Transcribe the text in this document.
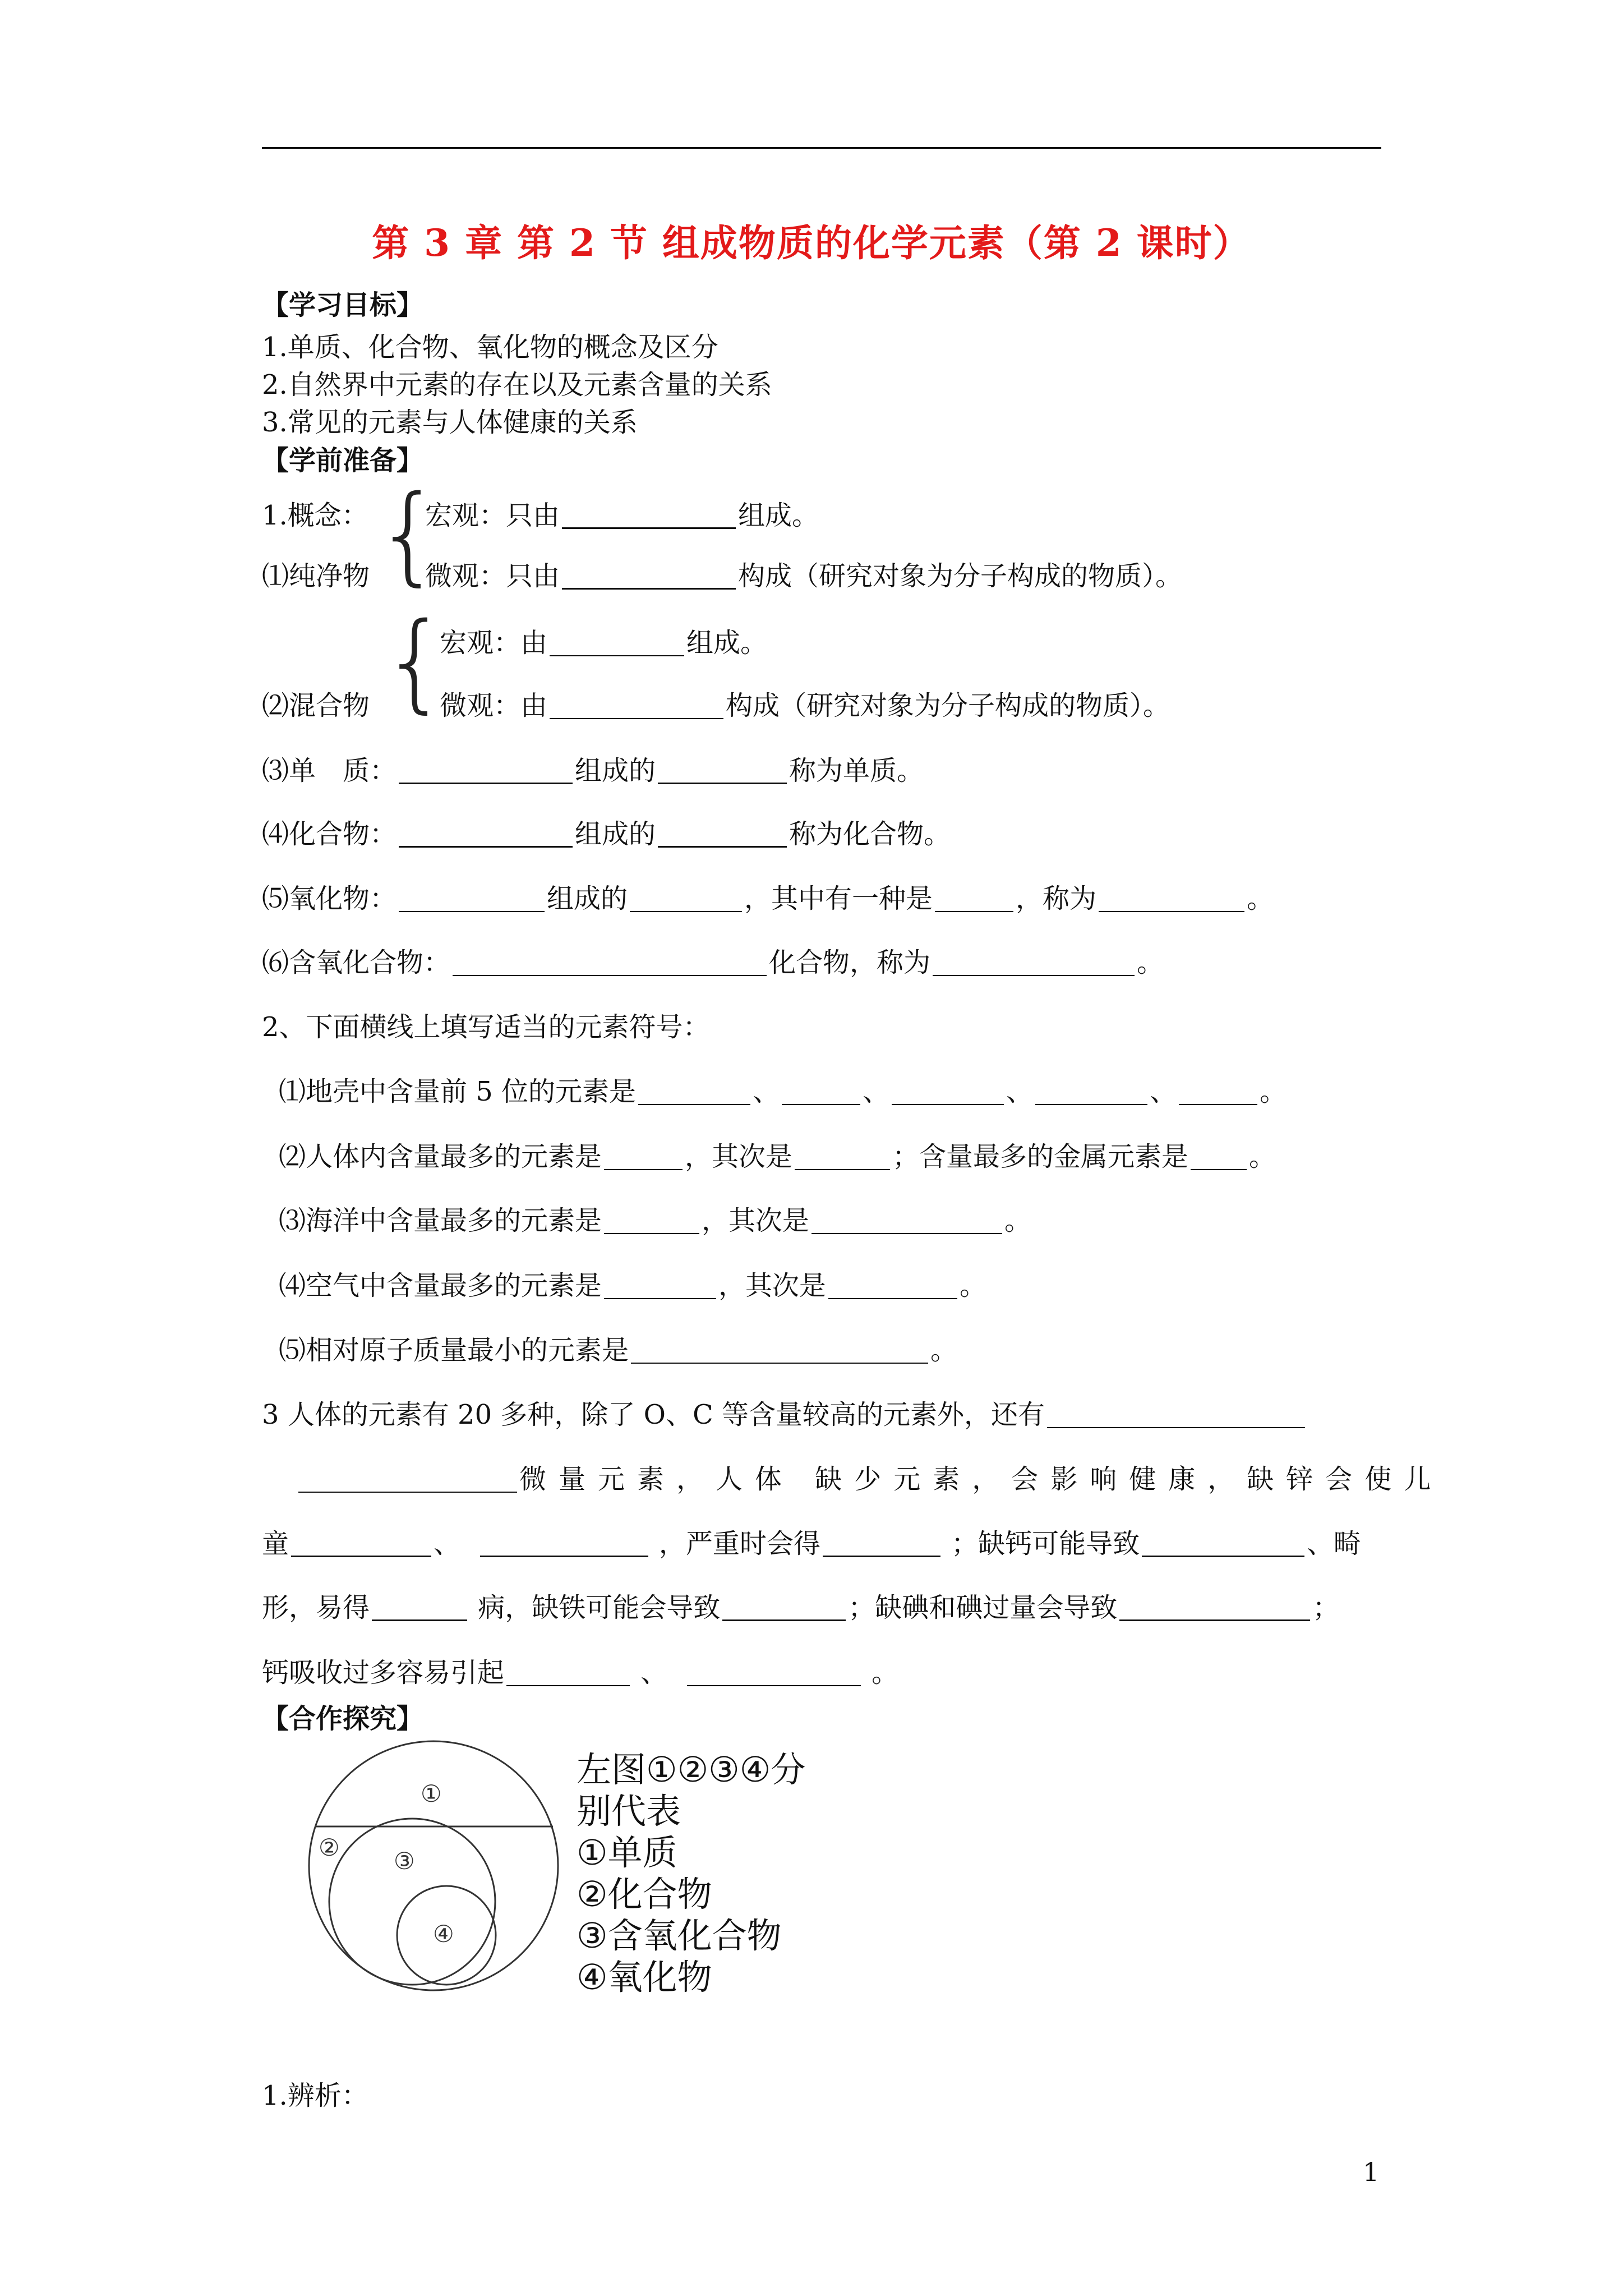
第 3 章 第 2 节 组成物质的化学元素（第 2 课时）
【学习目标】
1.单质、化合物、氧化物的概念及区分
2.自然界中元素的存在以及元素含量的关系
3.常见的元素与人体健康的关系
【学前准备】
1.概念： {
宏观：只由	组成。
⑴纯净物 微观：只由	构成（研究对象为分子构成的物质）。
{
宏观：由	组成。
⑵混合物	微观：由	构成（研究对象为分子构成的物质）。
⑶单　质：	组成的	称为单质。
⑷化合物：	组成的	称为化合物。
⑸氧化物：	组成的	，其中有一种是	，称为	。
⑹含氧化合物：	化合物，称为	。
2、下面横线上填写适当的元素符号：
⑴地壳中含量前 5 位的元素是	、	、	、	、	。
⑵人体内含量最多的元素是	，其次是	；含量最多的金属元素是 。
⑶海洋中含量最多的元素是	，其次是	。
⑷空气中含量最多的元素是	，其次是	。
⑸相对原子质量最小的元素是	。
3 人体的元素有 20 多种，除了 O、C 等含量较高的元素外，还有
微量元素，人体 缺少元素，会影响健康，缺锌会使儿
童	、	，严重时会得	；缺钙可能导致	、畸
形，易得	病，缺铁可能会导致	；缺碘和碘过量会导致	；
钙吸收过多容易引起	、	。
【合作探究】
①
② ③
④
左图①②③④分
别代表
①单质
②化合物
③含氧化合物
④氧化物
1.辨析：
1
